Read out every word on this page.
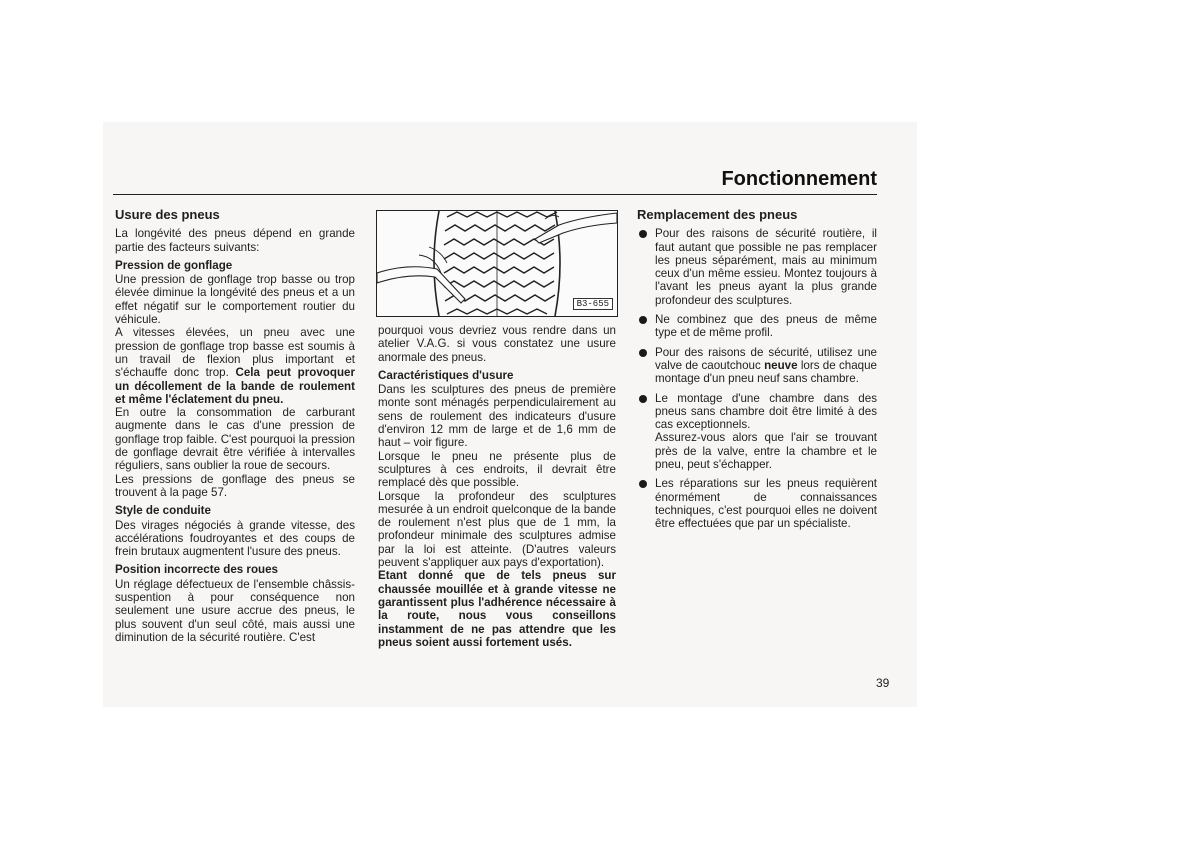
Fonctionnement
Usure des pneus

La longévité des pneus dépend en grande partie des facteurs suivants:

Pression de gonflage

Une pression de gonflage trop basse ou trop élevée diminue la longévité des pneus et a un effet négatif sur le comportement routier du véhicule.

A vitesses élevées, un pneu avec une pression de gonflage trop basse est soumis à un travail de flexion plus important et s'échauffe donc trop. Cela peut provoquer un décollement de la bande de roulement et même l'éclatement du pneu.

En outre la consommation de carburant augmente dans le cas d'une pression de gonflage trop faible. C'est pourquoi la pression de gonflage devrait être vérifiée à intervalles réguliers, sans oublier la roue de secours.

Les pressions de gonflage des pneus se trouvent à la page 57.

Style de conduite

Des virages négociés à grande vitesse, des accélérations foudroyantes et des coups de frein brutaux augmentent l'usure des pneus.

Position incorrecte des roues

Un réglage défectueux de l'ensemble châssis-suspention à pour conséquence non seulement une usure accrue des pneus, le plus souvent d'un seul côté, mais aussi une diminution de la sécurité routière. C'est

B3-655

pourquoi vous devriez vous rendre dans un atelier V.A.G. si vous constatez une usure anormale des pneus.

Caractéristiques d'usure

Dans les sculptures des pneus de première monte sont ménagés perpendiculairement au sens de roulement des indicateurs d'usure d'environ 12 mm de large et de 1,6 mm de haut – voir figure.

Lorsque le pneu ne présente plus de sculptures à ces endroits, il devrait être remplacé dès que possible.

Lorsque la profondeur des sculptures mesurée à un endroit quelconque de la bande de roulement n'est plus que de 1 mm, la profondeur minimale des sculptures admise par la loi est atteinte. (D'autres valeurs peuvent s'appliquer aux pays d'exportation).

Etant donné que de tels pneus sur chaussée mouillée et à grande vitesse ne garantissent plus l'adhérence nécessaire à la route, nous vous conseillons instamment de ne pas attendre que les pneus soient aussi fortement usés.

Remplacement des pneus
Pour des raisons de sécurité routière, il faut autant que possible ne pas remplacer les pneus séparément, mais au minimum ceux d'un même essieu. Montez toujours à l'avant les pneus ayant la plus grande profondeur des sculptures.
Ne combinez que des pneus de même type et de même profil.
Pour des raisons de sécurité, utilisez une valve de caoutchouc neuve lors de chaque montage d'un pneu neuf sans chambre.
Le montage d'une chambre dans des pneus sans chambre doit être limité à des cas exceptionnels.
Assurez-vous alors que l'air se trouvant près de la valve, entre la chambre et le pneu, peut s'échapper.
Les réparations sur les pneus requièrent énormément de connaissances techniques, c'est pourquoi elles ne doivent être effectuées que par un spécialiste.
39
